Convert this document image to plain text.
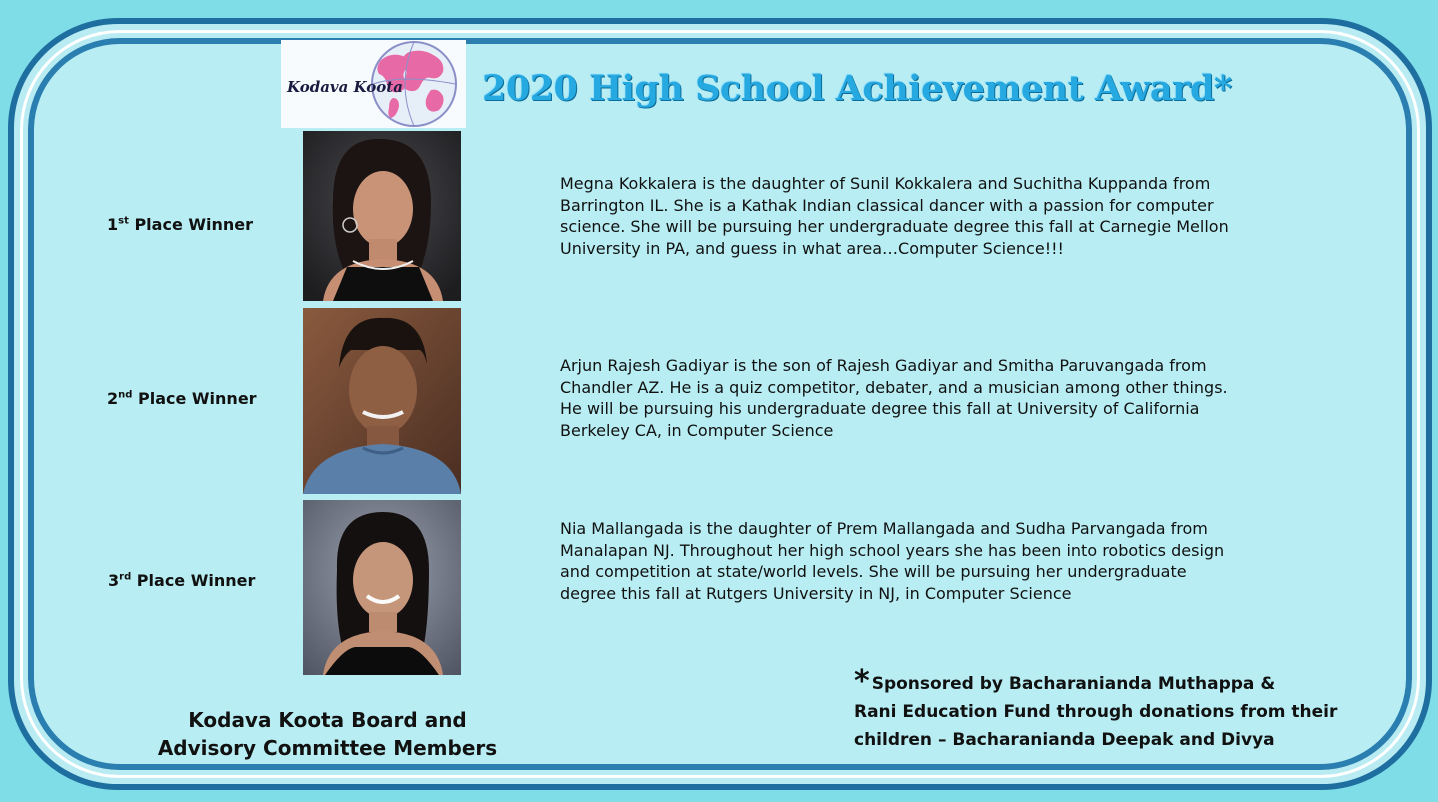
Kodava Koota 2020 High School Achievement Award*
1st Place Winner
Megna Kokkalera is the daughter of Sunil Kokkalera and Suchitha Kuppanda from Barrington IL. She is a Kathak Indian classical dancer with a passion for computer science. She will be pursuing her undergraduate degree this fall at Carnegie Mellon University in PA, and guess in what area…Computer Science!!!
2nd Place Winner
Arjun Rajesh Gadiyar is the son of Rajesh Gadiyar and Smitha Paruvangada from Chandler AZ. He is a quiz competitor, debater, and a musician among other things. He will be pursuing his undergraduate degree this fall at University of California Berkeley CA, in Computer Science
3rd Place Winner
Nia Mallangada is the daughter of Prem Mallangada and Sudha Parvangada from Manalapan NJ. Throughout her high school years she has been into robotics design and competition at state/world levels. She will be pursuing her undergraduate degree this fall at Rutgers University in NJ, in Computer Science
Kodava Koota Board and
Advisory Committee Members
* Sponsored by Bacharanianda Muthappa &
Rani Education Fund through donations from their
children – Bacharanianda Deepak and Divya
